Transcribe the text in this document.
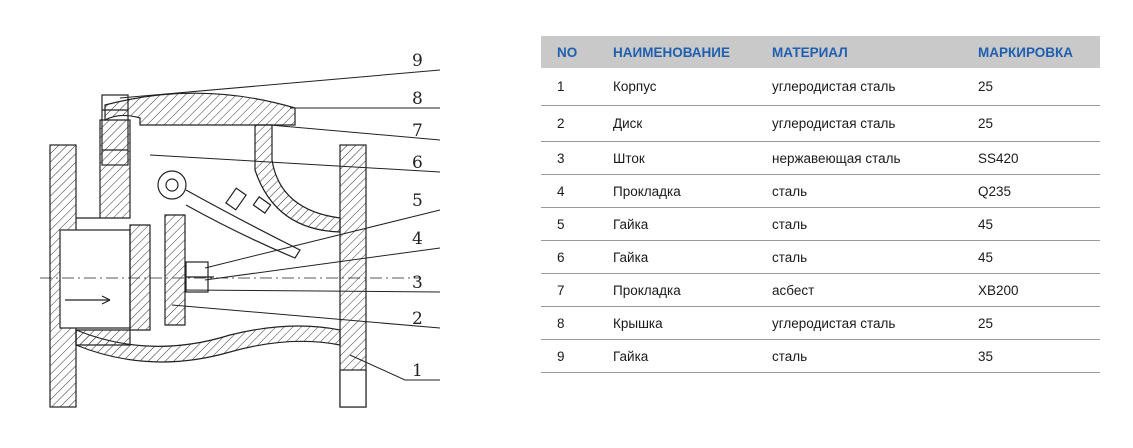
9
8
7
6
5
4
3
2
1
NO	НАИМЕНОВАНИЕ	МАТЕРИАЛ	МАРКИРОВКА
1	Корпус	углеродистая сталь	25
2	Диск	углеродистая сталь	25
3	Шток	нержавеющая сталь	SS420
4	Прокладка	сталь	Q235
5	Гайка	сталь	45
6	Гайка	сталь	45
7	Прокладка	асбест	XB200
8	Крышка	углеродистая сталь	25
9	Гайка	сталь	35
